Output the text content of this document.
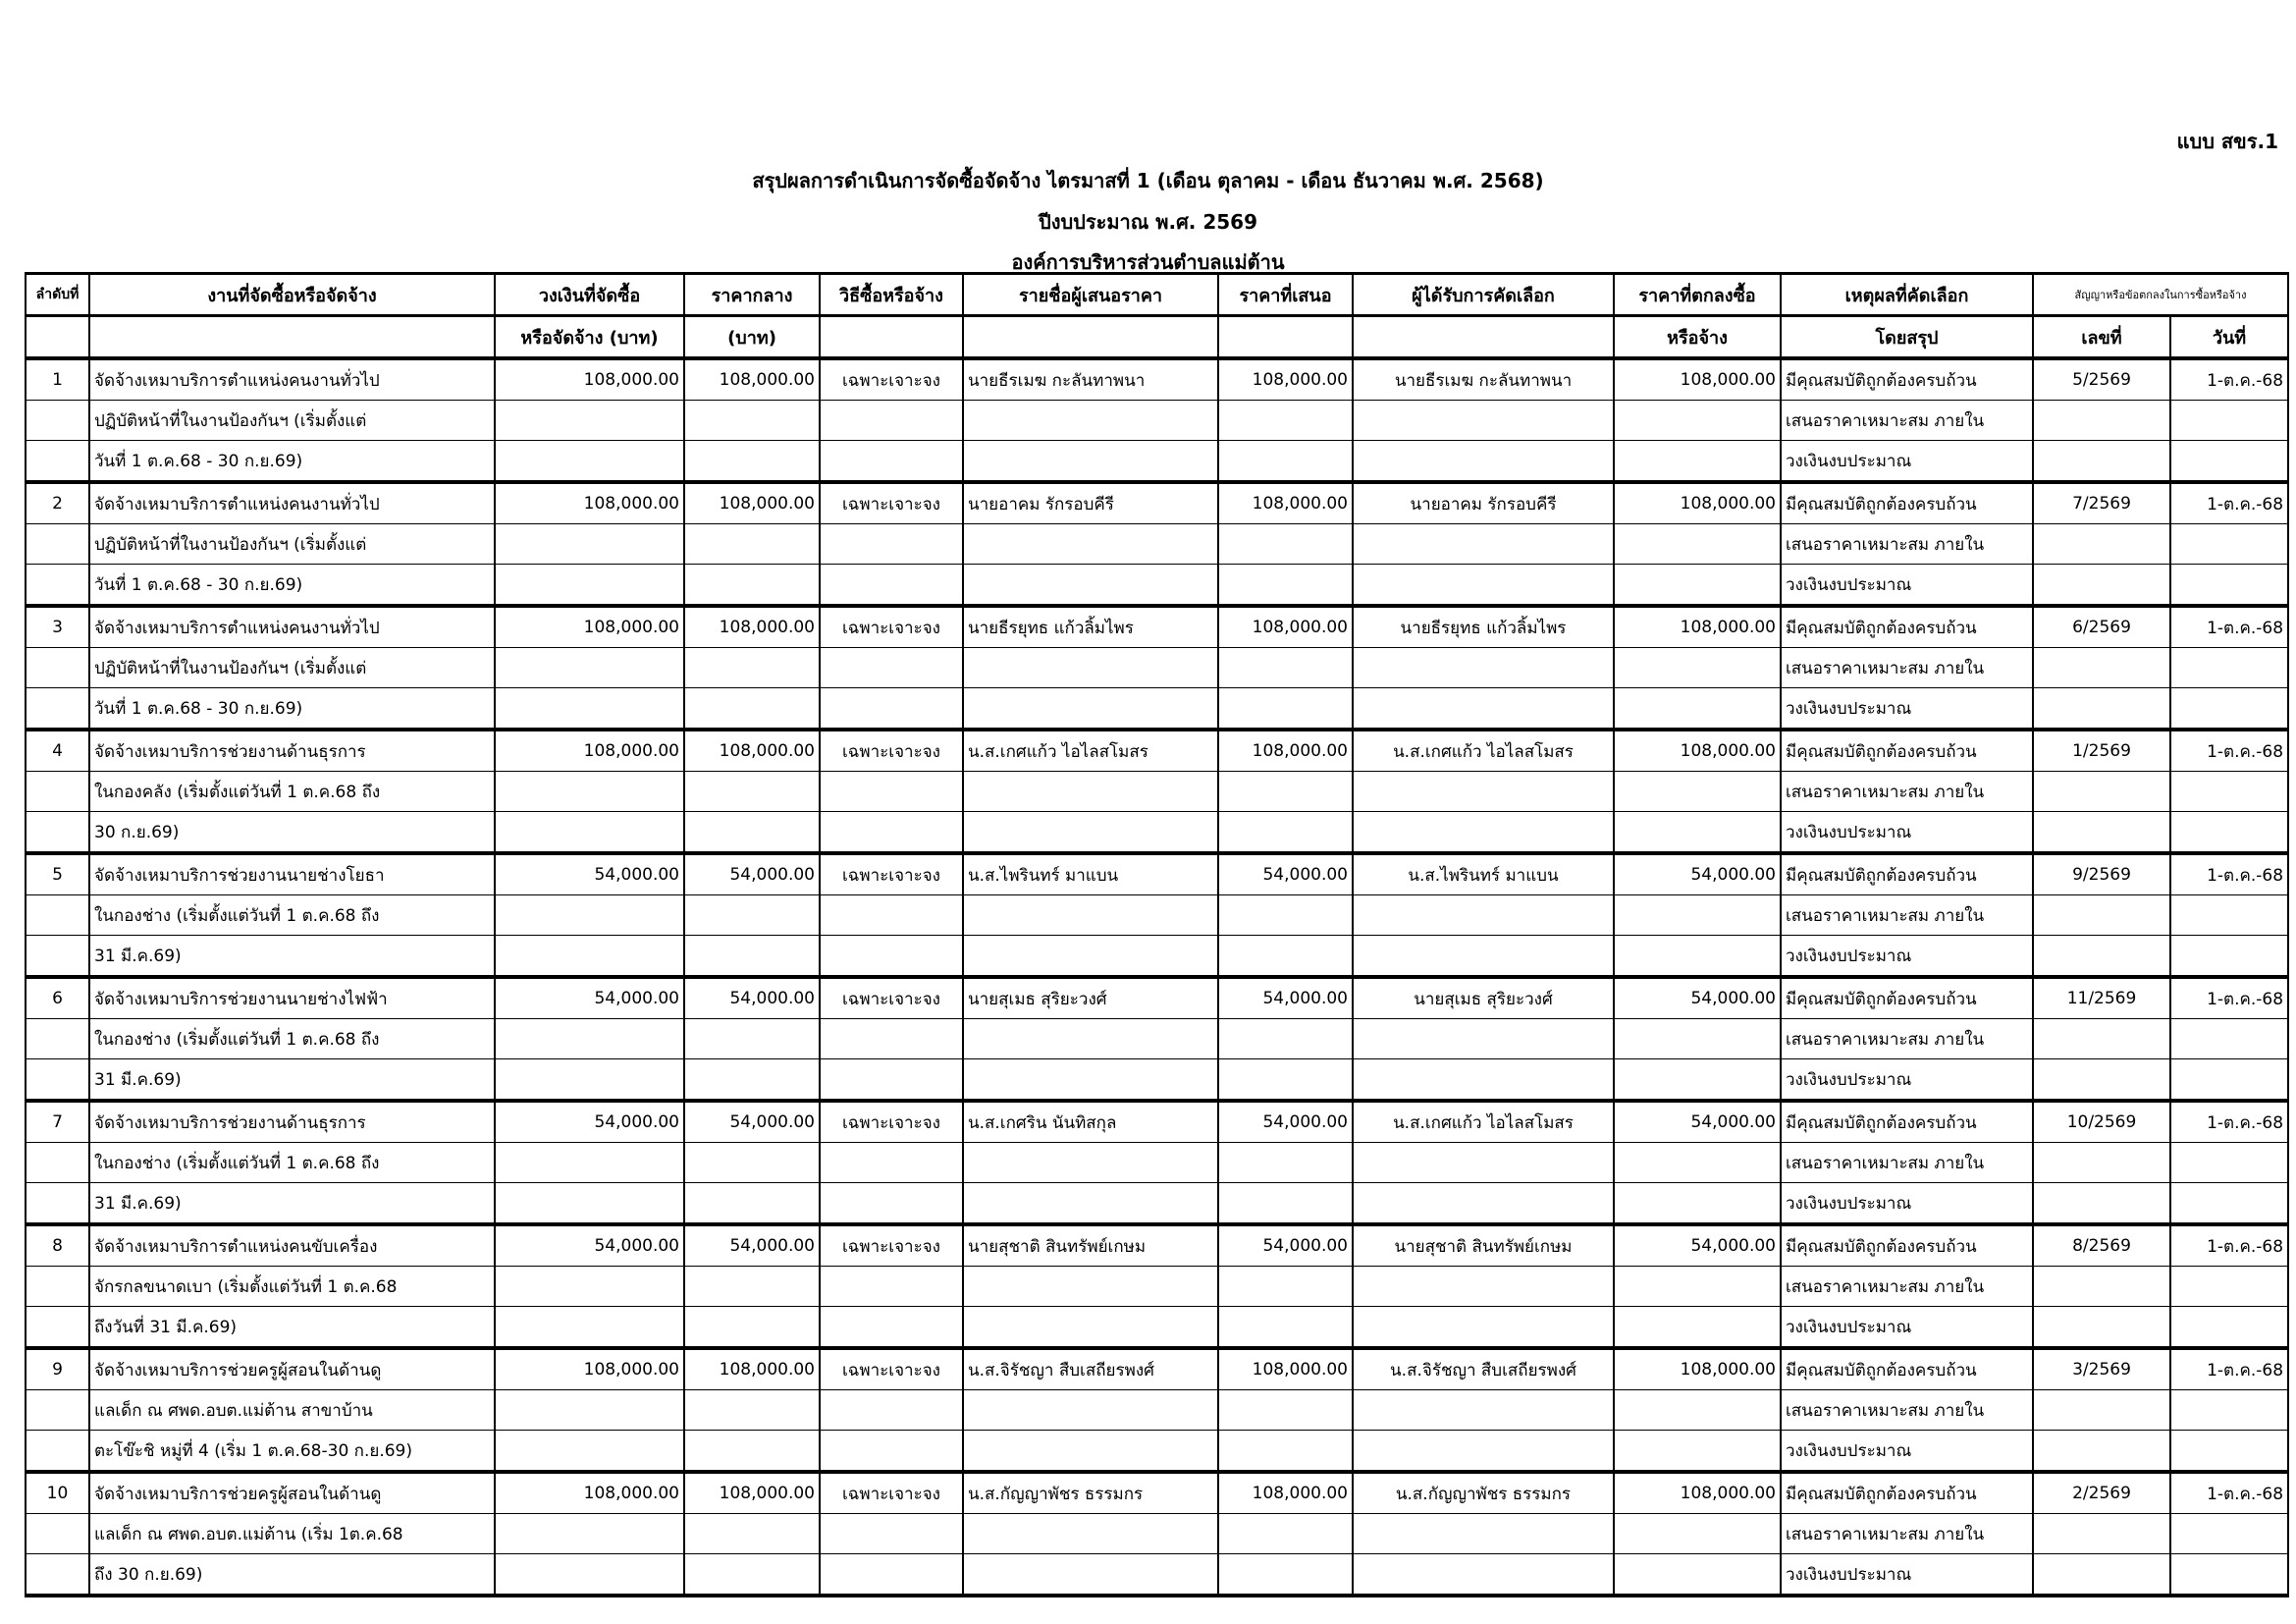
แบบ สขร.1
สรุปผลการดำเนินการจัดซื้อจัดจ้าง ไตรมาสที่ 1 (เดือน ตุลาคม - เดือน ธันวาคม พ.ศ. 2568)
ปีงบประมาณ พ.ศ. 2569
องค์การบริหารส่วนตำบลแม่ต้าน
ลำดับที่	งานที่จัดซื้อหรือจัดจ้าง	วงเงินที่จัดซื้อ	ราคากลาง	วิธีซื้อหรือจ้าง	รายชื่อผู้เสนอราคา	ราคาที่เสนอ	ผู้ได้รับการคัดเลือก	ราคาที่ตกลงซื้อ	เหตุผลที่คัดเลือก	สัญญาหรือข้อตกลงในการซื้อหรือจ้าง	
		หรือจัดจ้าง (บาท)	(บาท)					หรือจ้าง	โดยสรุป	เลขที่	วันที่
1	จัดจ้างเหมาบริการตำแหน่งคนงานทั่วไป	108,000.00	108,000.00	เฉพาะเจาะจง	นายธีรเมฆ กะลันทาพนา	108,000.00	นายธีรเมฆ กะลันทาพนา	108,000.00	มีคุณสมบัติถูกต้องครบถ้วน	5/2569	1-ต.ค.-68
	ปฏิบัติหน้าที่ในงานป้องกันฯ (เริ่มตั้งแต่								เสนอราคาเหมาะสม ภายใน		
	วันที่ 1 ต.ค.68 - 30 ก.ย.69)								วงเงินงบประมาณ		
2	จัดจ้างเหมาบริการตำแหน่งคนงานทั่วไป	108,000.00	108,000.00	เฉพาะเจาะจง	นายอาคม รักรอบคีรี	108,000.00	นายอาคม รักรอบคีรี	108,000.00	มีคุณสมบัติถูกต้องครบถ้วน	7/2569	1-ต.ค.-68
	ปฏิบัติหน้าที่ในงานป้องกันฯ (เริ่มตั้งแต่								เสนอราคาเหมาะสม ภายใน		
	วันที่ 1 ต.ค.68 - 30 ก.ย.69)								วงเงินงบประมาณ		
3	จัดจ้างเหมาบริการตำแหน่งคนงานทั่วไป	108,000.00	108,000.00	เฉพาะเจาะจง	นายธีรยุทธ แก้วลิ้มไพร	108,000.00	นายธีรยุทธ แก้วลิ้มไพร	108,000.00	มีคุณสมบัติถูกต้องครบถ้วน	6/2569	1-ต.ค.-68
	ปฏิบัติหน้าที่ในงานป้องกันฯ (เริ่มตั้งแต่								เสนอราคาเหมาะสม ภายใน		
	วันที่ 1 ต.ค.68 - 30 ก.ย.69)								วงเงินงบประมาณ		
4	จัดจ้างเหมาบริการช่วยงานด้านธุรการ	108,000.00	108,000.00	เฉพาะเจาะจง	น.ส.เกศแก้ว ไอไลสโมสร	108,000.00	น.ส.เกศแก้ว ไอไลสโมสร	108,000.00	มีคุณสมบัติถูกต้องครบถ้วน	1/2569	1-ต.ค.-68
	ในกองคลัง (เริ่มตั้งแต่วันที่ 1 ต.ค.68 ถึง								เสนอราคาเหมาะสม ภายใน		
	30 ก.ย.69)								วงเงินงบประมาณ		
5	จัดจ้างเหมาบริการช่วยงานนายช่างโยธา	54,000.00	54,000.00	เฉพาะเจาะจง	น.ส.ไพรินทร์ มาแบน	54,000.00	น.ส.ไพรินทร์ มาแบน	54,000.00	มีคุณสมบัติถูกต้องครบถ้วน	9/2569	1-ต.ค.-68
	ในกองช่าง (เริ่มตั้งแต่วันที่ 1 ต.ค.68 ถึง								เสนอราคาเหมาะสม ภายใน		
	31 มี.ค.69)								วงเงินงบประมาณ		
6	จัดจ้างเหมาบริการช่วยงานนายช่างไฟฟ้า	54,000.00	54,000.00	เฉพาะเจาะจง	นายสุเมธ สุริยะวงศ์	54,000.00	นายสุเมธ สุริยะวงศ์	54,000.00	มีคุณสมบัติถูกต้องครบถ้วน	11/2569	1-ต.ค.-68
	ในกองช่าง (เริ่มตั้งแต่วันที่ 1 ต.ค.68 ถึง								เสนอราคาเหมาะสม ภายใน		
	31 มี.ค.69)								วงเงินงบประมาณ		
7	จัดจ้างเหมาบริการช่วยงานด้านธุรการ	54,000.00	54,000.00	เฉพาะเจาะจง	น.ส.เกศริน นันทิสกุล	54,000.00	น.ส.เกศแก้ว ไอไลสโมสร	54,000.00	มีคุณสมบัติถูกต้องครบถ้วน	10/2569	1-ต.ค.-68
	ในกองช่าง (เริ่มตั้งแต่วันที่ 1 ต.ค.68 ถึง								เสนอราคาเหมาะสม ภายใน		
	31 มี.ค.69)								วงเงินงบประมาณ		
8	จัดจ้างเหมาบริการตำแหน่งคนขับเครื่อง	54,000.00	54,000.00	เฉพาะเจาะจง	นายสุชาติ สินทรัพย์เกษม	54,000.00	นายสุชาติ สินทรัพย์เกษม	54,000.00	มีคุณสมบัติถูกต้องครบถ้วน	8/2569	1-ต.ค.-68
	จักรกลขนาดเบา (เริ่มตั้งแต่วันที่ 1 ต.ค.68								เสนอราคาเหมาะสม ภายใน		
	ถึงวันที่ 31 มี.ค.69)								วงเงินงบประมาณ		
9	จัดจ้างเหมาบริการช่วยครูผู้สอนในด้านดู	108,000.00	108,000.00	เฉพาะเจาะจง	น.ส.จิรัชญา สืบเสถียรพงศ์	108,000.00	น.ส.จิรัชญา สืบเสถียรพงศ์	108,000.00	มีคุณสมบัติถูกต้องครบถ้วน	3/2569	1-ต.ค.-68
	แลเด็ก ณ ศพด.อบต.แม่ต้าน สาขาบ้าน								เสนอราคาเหมาะสม ภายใน		
	ตะโข๊ะชิ หมู่ที่ 4 (เริ่ม 1 ต.ค.68-30 ก.ย.69)								วงเงินงบประมาณ		
10	จัดจ้างเหมาบริการช่วยครูผู้สอนในด้านดู	108,000.00	108,000.00	เฉพาะเจาะจง	น.ส.กัญญาพัชร ธรรมกร	108,000.00	น.ส.กัญญาพัชร ธรรมกร	108,000.00	มีคุณสมบัติถูกต้องครบถ้วน	2/2569	1-ต.ค.-68
	แลเด็ก ณ ศพด.อบต.แม่ต้าน (เริ่ม 1ต.ค.68								เสนอราคาเหมาะสม ภายใน		
	ถึง 30 ก.ย.69)								วงเงินงบประมาณ		
